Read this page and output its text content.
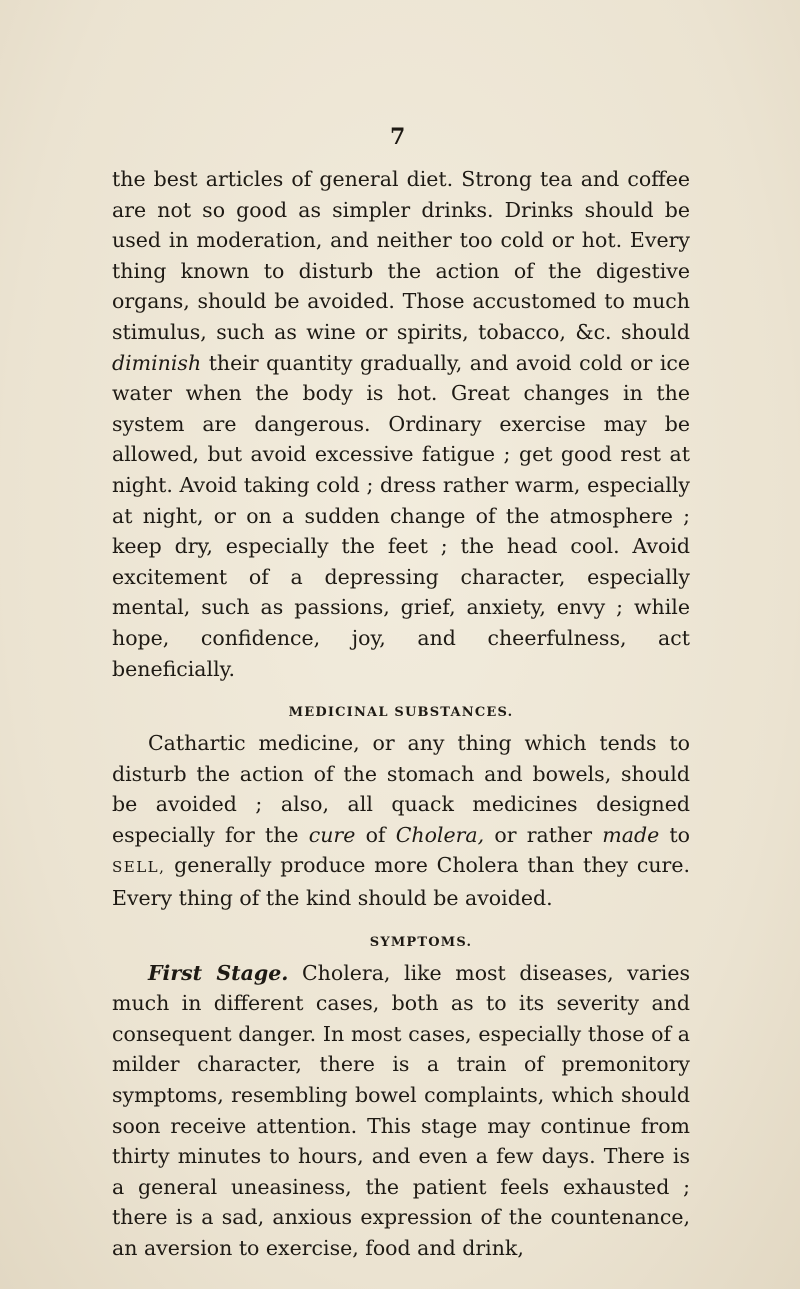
7

the best articles of general diet. Strong tea and coffee are not so good as simpler drinks. Drinks should be used in moderation, and neither too cold or hot. Every thing known to disturb the action of the digestive organs, should be avoided. Those accustomed to much stimulus, such as wine or spirits, tobacco, &c. should diminish their quantity gradually, and avoid cold or ice water when the body is hot. Great changes in the system are dangerous. Ordinary exercise may be allowed, but avoid excessive fatigue ; get good rest at night. Avoid taking cold ; dress rather warm, especially at night, or on a sudden change of the atmosphere ; keep dry, especially the feet ; the head cool. Avoid excitement of a depressing character, especially mental, such as passions, grief, anxiety, envy ; while hope, confidence, joy, and cheerfulness, act beneficially.

MEDICINAL SUBSTANCES.

Cathartic medicine, or any thing which tends to disturb the action of the stomach and bowels, should be avoided ; also, all quack medicines designed especially for the cure of Cholera, or rather made to SELL, generally produce more Cholera than they cure. Every thing of the kind should be avoided.

SYMPTOMS.

First Stage. Cholera, like most diseases, varies much in different cases, both as to its severity and consequent danger. In most cases, especially those of a milder character, there is a train of premonitory symptoms, resembling bowel complaints, which should soon receive attention. This stage may continue from thirty minutes to hours, and even a few days. There is a general uneasiness, the patient feels exhausted ; there is a sad, anxious expression of the countenance, an aversion to exercise, food and drink,
